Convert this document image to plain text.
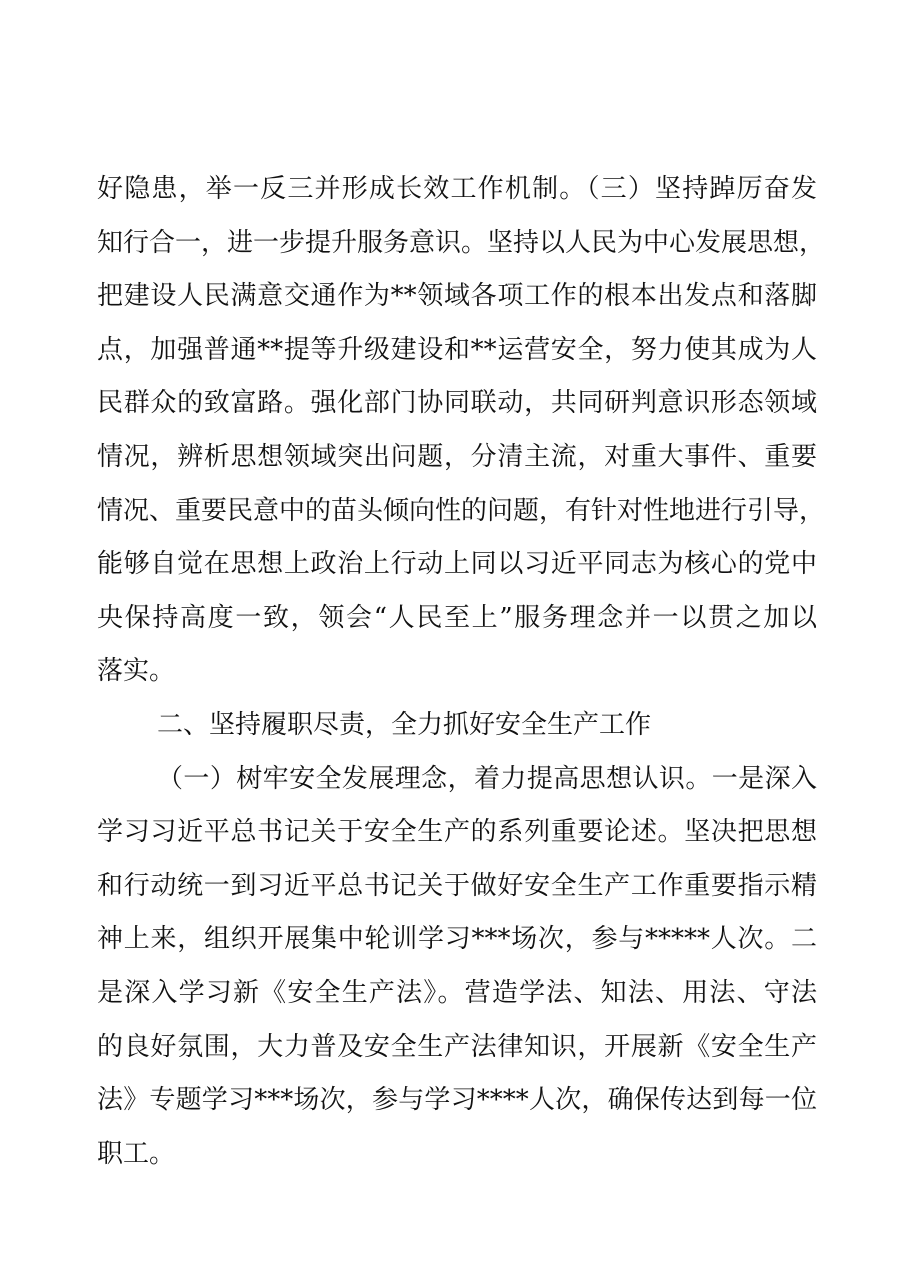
好隐患，举一反三并形成长效工作机制。（三）坚持踔厉奋发
知行合一，进一步提升服务意识。坚持以人民为中心发展思想，
把建设人民满意交通作为**领域各项工作的根本出发点和落脚
点，加强普通**提等升级建设和**运营安全，努力使其成为人
民群众的致富路。强化部门协同联动，共同研判意识形态领域
情况，辨析思想领域突出问题，分清主流，对重大事件、重要
情况、重要民意中的苗头倾向性的问题，有针对性地进行引导，
能够自觉在思想上政治上行动上同以习近平同志为核心的党中
央保持高度一致，领会“人民至上”服务理念并一以贯之加以
落实。
二、坚持履职尽责，全力抓好安全生产工作
（一）树牢安全发展理念，着力提高思想认识。一是深入
学习习近平总书记关于安全生产的系列重要论述。坚决把思想
和行动统一到习近平总书记关于做好安全生产工作重要指示精
神上来，组织开展集中轮训学习***场次，参与*****人次。二
是深入学习新《安全生产法》。营造学法、知法、用法、守法
的良好氛围，大力普及安全生产法律知识，开展新《安全生产
法》专题学习***场次，参与学习****人次，确保传达到每一位
职工。
